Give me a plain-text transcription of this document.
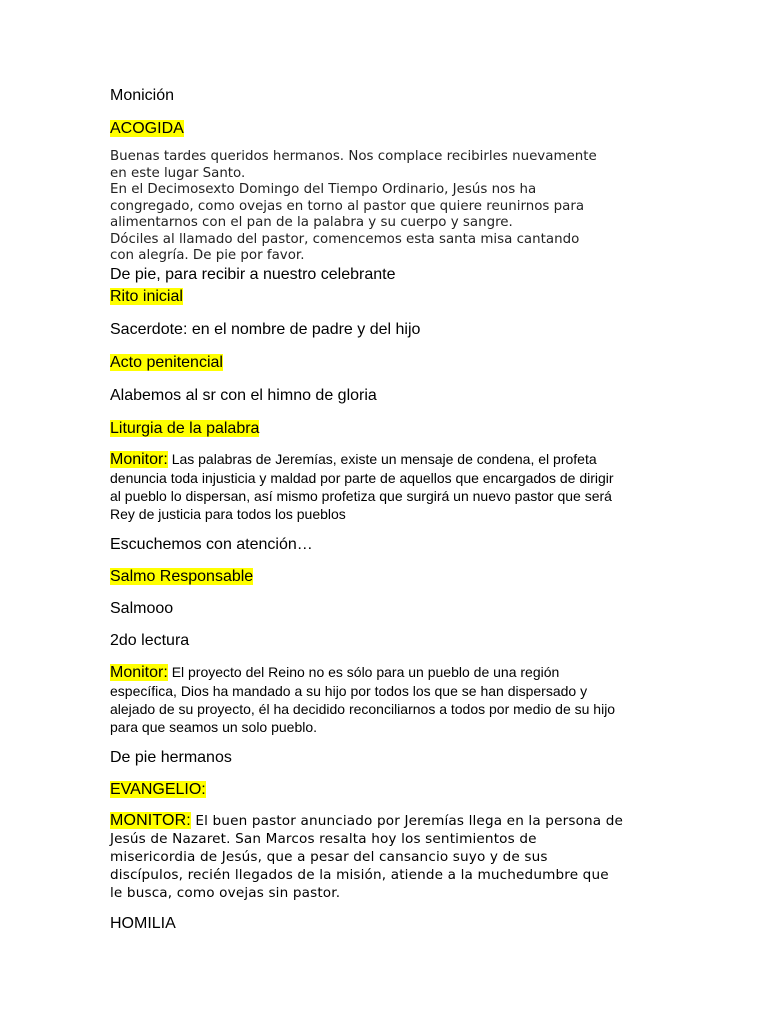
Monición

ACOGIDA

Buenas tardes queridos hermanos. Nos complace recibirles nuevamente
en este lugar Santo.
En el Decimosexto Domingo del Tiempo Ordinario, Jesús nos ha
congregado, como ovejas en torno al pastor que quiere reunirnos para
alimentarnos con el pan de la palabra y su cuerpo y sangre.
Dóciles al llamado del pastor, comencemos esta santa misa cantando
con alegría. De pie por favor.

De pie, para recibir a nuestro celebrante

Rito inicial

Sacerdote: en el nombre de padre y del hijo

Acto penitencial

Alabemos al sr con el himno de gloria

Liturgia de la palabra

Monitor: Las palabras de Jeremías, existe un mensaje de condena, el profeta
denuncia toda injusticia y maldad por parte de aquellos que encargados de dirigir
al pueblo lo dispersan, así mismo profetiza que surgirá un nuevo pastor que será
Rey de justicia para todos los pueblos

Escuchemos con atención…

Salmo Responsable

Salmooo

2do lectura

Monitor: El proyecto del Reino no es sólo para un pueblo de una región
específica, Dios ha mandado a su hijo por todos los que se han dispersado y
alejado de su proyecto, él ha decidido reconciliarnos a todos por medio de su hijo
para que seamos un solo pueblo.

De pie hermanos

EVANGELIO:

MONITOR: El buen pastor anunciado por Jeremías llega en la persona de
Jesús de Nazaret. San Marcos resalta hoy los sentimientos de
misericordia de Jesús, que a pesar del cansancio suyo y de sus
discípulos, recién llegados de la misión, atiende a la muchedumbre que
le busca, como ovejas sin pastor.

HOMILIA
